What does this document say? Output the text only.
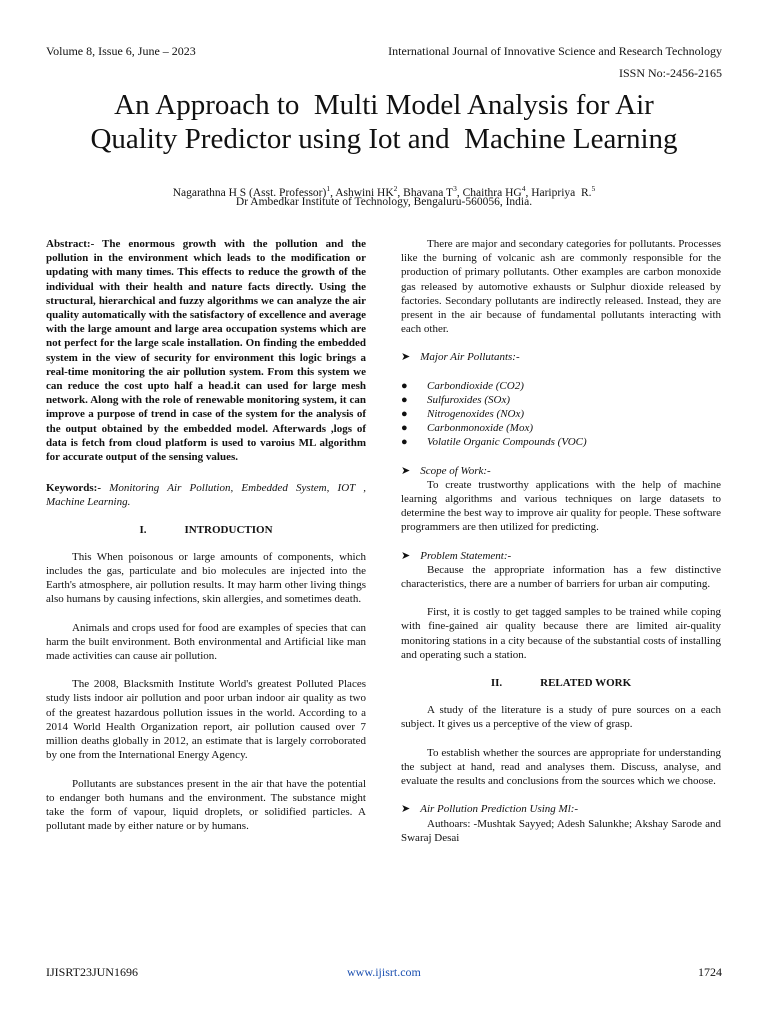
Volume 8, Issue 6, June – 2023	International Journal of Innovative Science and Research Technology
ISSN No:-2456-2165
An Approach to  Multi Model Analysis for Air
Quality Predictor using Iot and  Machine Learning
Nagarathna H S (Asst. Professor)$^1$, Ashwini $HK^2$, Bhavana $T^3$, Chaithra $HG^4$, Haripriya  R.$^5$
Dr Ambedkar Institute of Technology, Bengaluru-560056, India.

Abstract:- The enormous growth with the pollution and the pollution in the environment which leads to the modification or updating with many times. This effects to reduce the growth of the individual with their health and nature facts directly. Using the structural, hierarchical and fuzzy algorithms we can analyze the air quality automatically with the satisfactory of excellence and average with the large amount and large area occupation systems which are not perfect for the large scale installation. On finding the embedded system in the view of security for environment this logic brings a real-time monitoring the air pollution system. From this system we can reduce the cost upto half a head.it can used for large mesh network. Along with the role of renewable monitoring system, it can improve a purpose of trend in case of the system for the analysis of the output obtained by the embedded model. Afterwards ,logs of data is fetch from cloud platform is used to varoius ML algorithm for accurate output of the sensing values.

Keywords:- Monitoring Air Pollution, Embedded System, IOT , Machine Learning.

I.	INTRODUCTION

This When poisonous or large amounts of components, which includes the gas, particulate and bio molecules are injected into the Earth's atmosphere, air pollution results. It may harm other living things also humans by causing infections, skin allergies, and sometimes death.

Animals and crops used for food are examples of species that can harm the built environment. Both environmental and Artificial like man made activities can cause air pollution.

The 2008, Blacksmith Institute World's greatest Polluted Places study lists indoor air pollution and poor urban indoor air quality as two of the greatest hazardous pollution issues in the world. According to a 2014 World Health Organization report, air pollution caused over 7 million deaths globally in 2012, an estimate that is largely corroborated by one from the International Energy Agency.

Pollutants are substances present in the air that have the potential to endanger both humans and the environment. The substance might take the form of vapour, liquid droplets, or solidified particles. A pollutant made by either nature or by humans.

There are major and secondary categories for pollutants. Processes like the burning of volcanic ash are commonly responsible for the production of primary pollutants. Other examples are carbon monoxide gas released by automotive exhausts or Sulphur dioxide released by factories. Secondary pollutants are indirectly released. Instead, they are present in the air because of fundamental pollutants interacting with each other.

➤ Major Air Pollutants:-
● Carbondioxide (CO2)
● Sulfuroxides (SOx)
● Nitrogenoxides (NOx)
● Carbonmonoxide (Mox)
● Volatile Organic Compounds (VOC)
➤ Scope of Work:-

To create trustworthy applications with the help of machine learning algorithms and various techniques on large datasets to determine the best way to improve air quality for people. These software programmers are then utilized for predicting.

➤ Problem Statement:-

Because the appropriate information has a few distinctive characteristics, there are a number of barriers for urban air computing.

First, it is costly to get tagged samples to be trained while coping with fine-gained air quality because there are limited air-quality monitoring stations in a city because of the substantial costs of installing and operating such a station.

II.	RELATED WORK

A study of the literature is a study of pure sources on a each subject. It gives us a perceptive of the view of grasp.

To establish whether the sources are appropriate for understanding the subject at hand, read and analyses them. Discuss, analyse, and evaluate the results and conclusions from the sources which we choose.

➤ Air Pollution Prediction Using Ml:-

Authoars: -Mushtak Sayyed; Adesh Salunkhe; Akshay Sarode and Swaraj Desai

IJISRT23JUN1696	www.ijisrt.com	1724
